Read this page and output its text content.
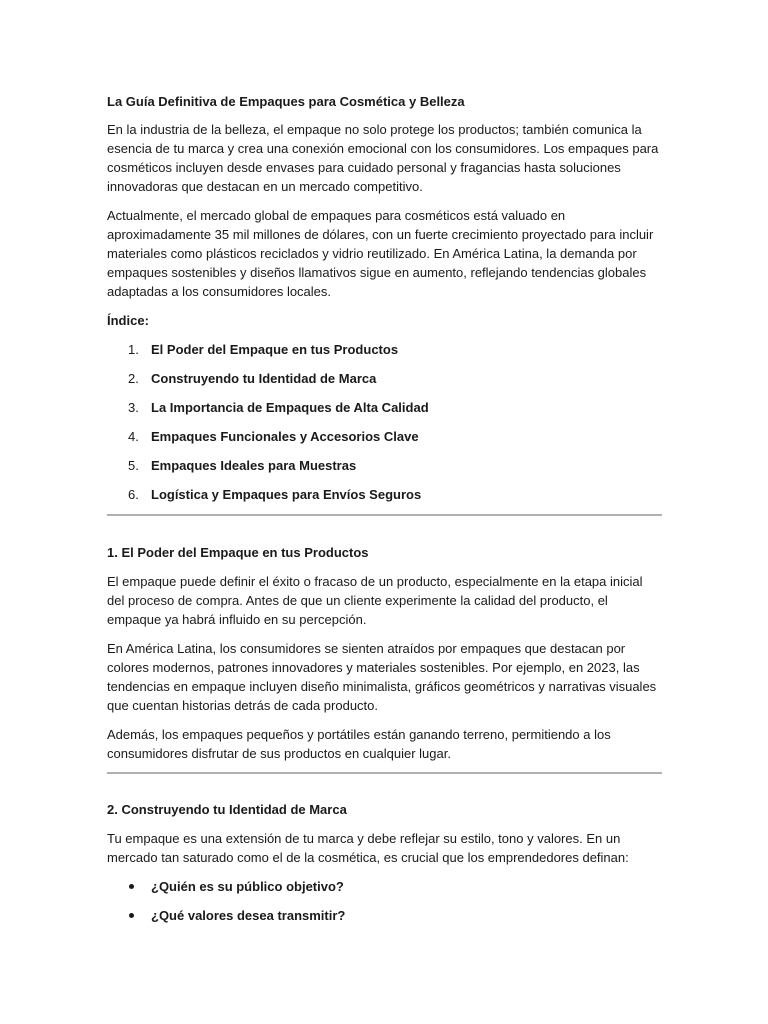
La Guía Definitiva de Empaques para Cosmética y Belleza

En la industria de la belleza, el empaque no solo protege los productos; también comunica la esencia de tu marca y crea una conexión emocional con los consumidores. Los empaques para cosméticos incluyen desde envases para cuidado personal y fragancias hasta soluciones innovadoras que destacan en un mercado competitivo.

Actualmente, el mercado global de empaques para cosméticos está valuado en aproximadamente 35 mil millones de dólares, con un fuerte crecimiento proyectado para incluir materiales como plásticos reciclados y vidrio reutilizado. En América Latina, la demanda por empaques sostenibles y diseños llamativos sigue en aumento, reflejando tendencias globales adaptadas a los consumidores locales.

Índice:
1. El Poder del Empaque en tus Productos
2. Construyendo tu Identidad de Marca
3. La Importancia de Empaques de Alta Calidad
4. Empaques Funcionales y Accesorios Clave
5. Empaques Ideales para Muestras
6. Logística y Empaques para Envíos Seguros
1. El Poder del Empaque en tus Productos

El empaque puede definir el éxito o fracaso de un producto, especialmente en la etapa inicial del proceso de compra. Antes de que un cliente experimente la calidad del producto, el empaque ya habrá influido en su percepción.

En América Latina, los consumidores se sienten atraídos por empaques que destacan por colores modernos, patrones innovadores y materiales sostenibles. Por ejemplo, en 2023, las tendencias en empaque incluyen diseño minimalista, gráficos geométricos y narrativas visuales que cuentan historias detrás de cada producto.

Además, los empaques pequeños y portátiles están ganando terreno, permitiendo a los consumidores disfrutar de sus productos en cualquier lugar.

2. Construyendo tu Identidad de Marca

Tu empaque es una extensión de tu marca y debe reflejar su estilo, tono y valores. En un mercado tan saturado como el de la cosmética, es crucial que los emprendedores definan:

¿Quién es su público objetivo?
¿Qué valores desea transmitir?
